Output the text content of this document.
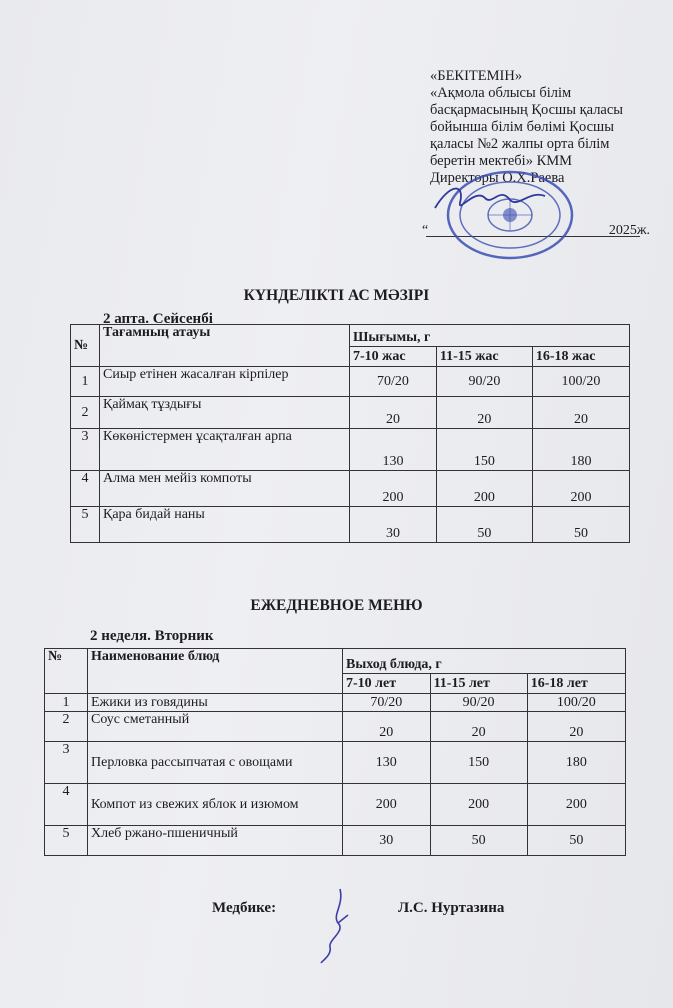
«БЕКІТЕМІН»
«Ақмола облысы білім
басқармасының Қосшы қаласы
бойынша білім бөлімі Қосшы
қаласы №2 жалпы орта білім
беретін мектебі» КММ
Директоры О.Х.Раева
“	2025ж.
КҮНДЕЛІКТІ АС МӘЗІРІ
2 апта. Сейсенбі
№	Тағамның атауы	Шығымы, г		
		7-10 жас	11-15 жас	16-18 жас
1	Сиыр етінен жасалған кірпілер	70/20	90/20	100/20
2	Қаймақ тұздығы	20	20	20
3	Көкөністермен ұсақталған арпа	130	150	180
4	Алма мен мейіз компоты	200	200	200
5	Қара бидай наны	30	50	50
ЕЖЕДНЕВНОЕ МЕНЮ
2 неделя. Вторник
№	Наименование блюд	Выход блюда, г		
		7-10 лет	11-15 лет	16-18 лет
1	Ежики из говядины	70/20	90/20	100/20
2	Соус сметанный	20	20	20
3	Перловка рассыпчатая с овощами	130	150	180
4	Компот из свежих яблок и изюмом	200	200	200
5	Хлеб ржано-пшеничный	30	50	50
Медбике:	Л.С. Нуртазина
